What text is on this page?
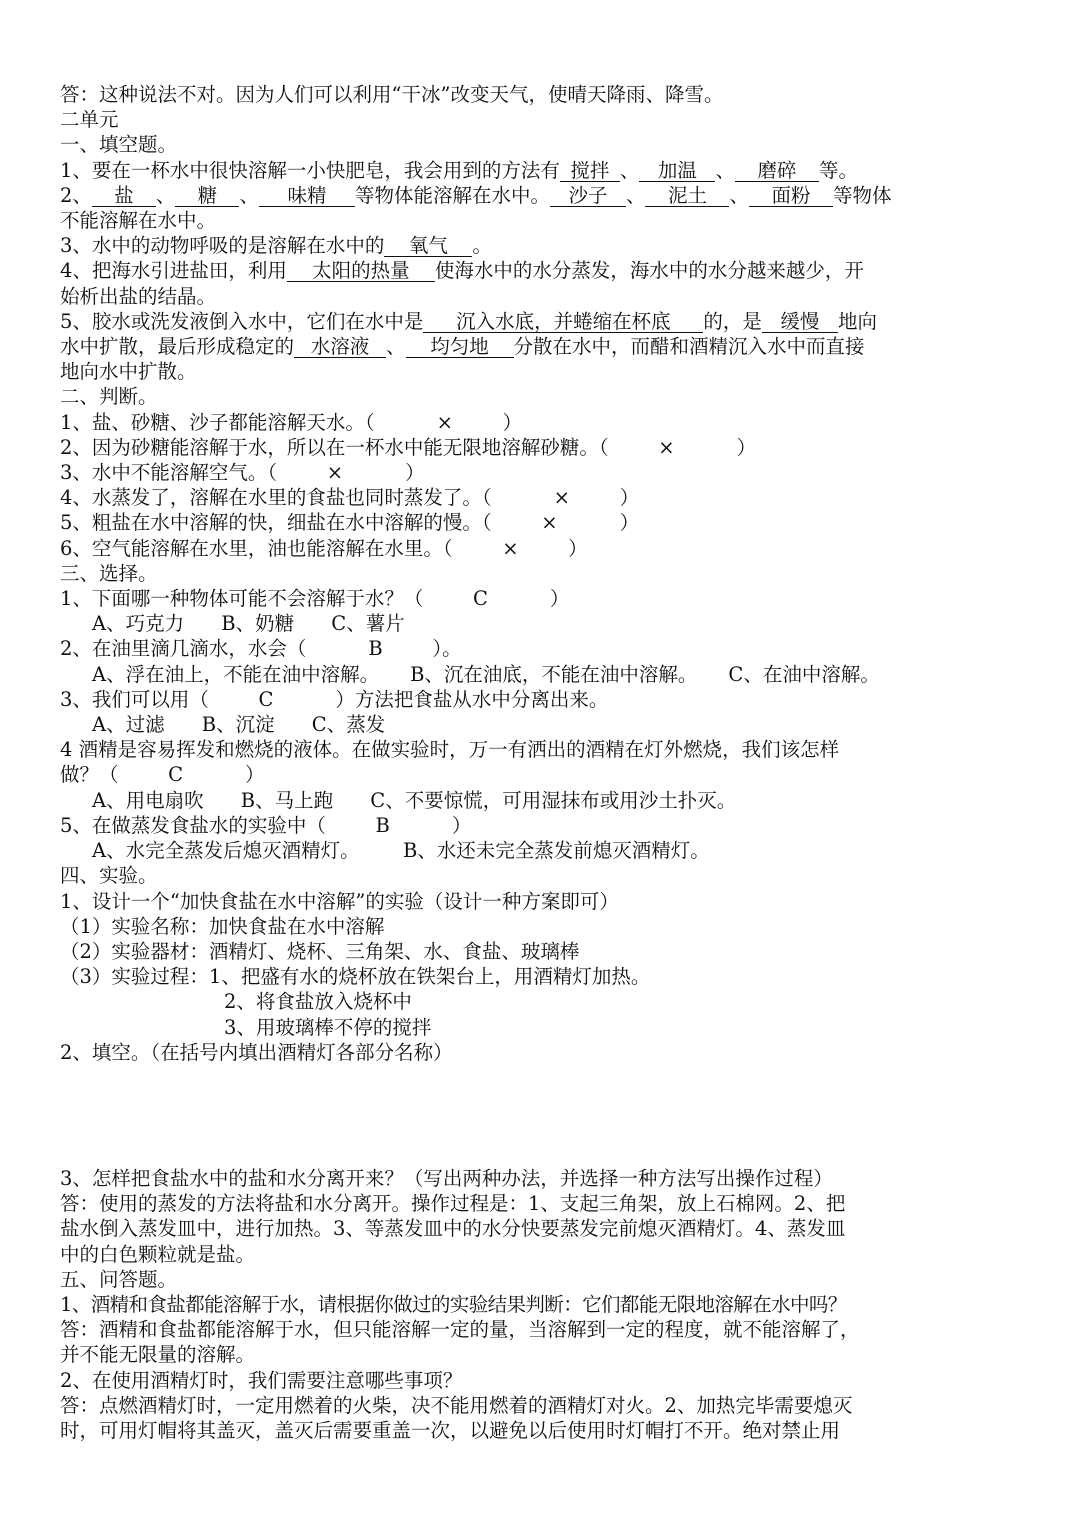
答：这种说法不对。因为人们可以利用“干冰”改变天气，使晴天降雨、降雪。
二单元
一、填空题。
1、要在一杯水中很快溶解一小快肥皂，我会用到的方法有 搅拌 、 加温 、 磨碎 等。
2、 盐 、 糖 、 味精 等物体能溶解在水中。 沙子 、 泥土 、 面粉 等物体
不能溶解在水中。
3、水中的动物呼吸的是溶解在水中的 氧气 。
4、把海水引进盐田，利用 太阳的热量 使海水中的水分蒸发，海水中的水分越来越少，开
始析出盐的结晶。
5、胶水或洗发液倒入水中，它们在水中是 沉入水底，并蜷缩在杯底 的，是 缓慢 地向
水中扩散，最后形成稳定的 水溶液 、 均匀地 分散在水中，而醋和酒精沉入水中而直接
地向水中扩散。
二、判断。
1、盐、砂糖、沙子都能溶解天水。（          ×        ）
2、因为砂糖能溶解于水，所以在一杯水中能无限地溶解砂糖。（        ×          ）
3、水中不能溶解空气。（        ×          ）
4、水蒸发了，溶解在水里的食盐也同时蒸发了。（          ×        ）
5、粗盐在水中溶解的快，细盐在水中溶解的慢。（        ×          ）
6、空气能溶解在水里，油也能溶解在水里。（        ×        ）
三、选择。
1、下面哪一种物体可能不会溶解于水？（        C          ）
A、巧克力      B、奶糖      C、薯片
2、在油里滴几滴水，水会（          B        ）。
A、浮在油上，不能在油中溶解。     B、沉在油底，不能在油中溶解。     C、在油中溶解。
3、我们可以用（        C          ）方法把食盐从水中分离出来。
A、过滤      B、沉淀      C、蒸发
4 酒精是容易挥发和燃烧的液体。在做实验时，万一有洒出的酒精在灯外燃烧，我们该怎样
做？（        C          ）
A、用电扇吹      B、马上跑      C、不要惊慌，可用湿抹布或用沙土扑灭。
5、在做蒸发食盐水的实验中（        B          ）
A、水完全蒸发后熄灭酒精灯。       B、水还未完全蒸发前熄灭酒精灯。
四、实验。
1、设计一个“加快食盐在水中溶解”的实验（设计一种方案即可）
（1）实验名称：加快食盐在水中溶解
（2）实验器材：酒精灯、烧杯、三角架、水、食盐、玻璃棒
（3）实验过程：1、把盛有水的烧杯放在铁架台上，用酒精灯加热。
2、将食盐放入烧杯中
3、用玻璃棒不停的搅拌
2、填空。（在括号内填出酒精灯各部分名称）
3、怎样把食盐水中的盐和水分离开来？（写出两种办法，并选择一种方法写出操作过程）
答：使用的蒸发的方法将盐和水分离开。操作过程是：1、支起三角架，放上石棉网。2、把
盐水倒入蒸发皿中，进行加热。3、等蒸发皿中的水分快要蒸发完前熄灭酒精灯。4、蒸发皿
中的白色颗粒就是盐。
五、问答题。
1、酒精和食盐都能溶解于水，请根据你做过的实验结果判断：它们都能无限地溶解在水中吗？
答：酒精和食盐都能溶解于水，但只能溶解一定的量，当溶解到一定的程度，就不能溶解了，
并不能无限量的溶解。
2、在使用酒精灯时，我们需要注意哪些事项？
答：点燃酒精灯时，一定用燃着的火柴，决不能用燃着的酒精灯对火。2、加热完毕需要熄灭
时，可用灯帽将其盖灭，盖灭后需要重盖一次，以避免以后使用时灯帽打不开。绝对禁止用
